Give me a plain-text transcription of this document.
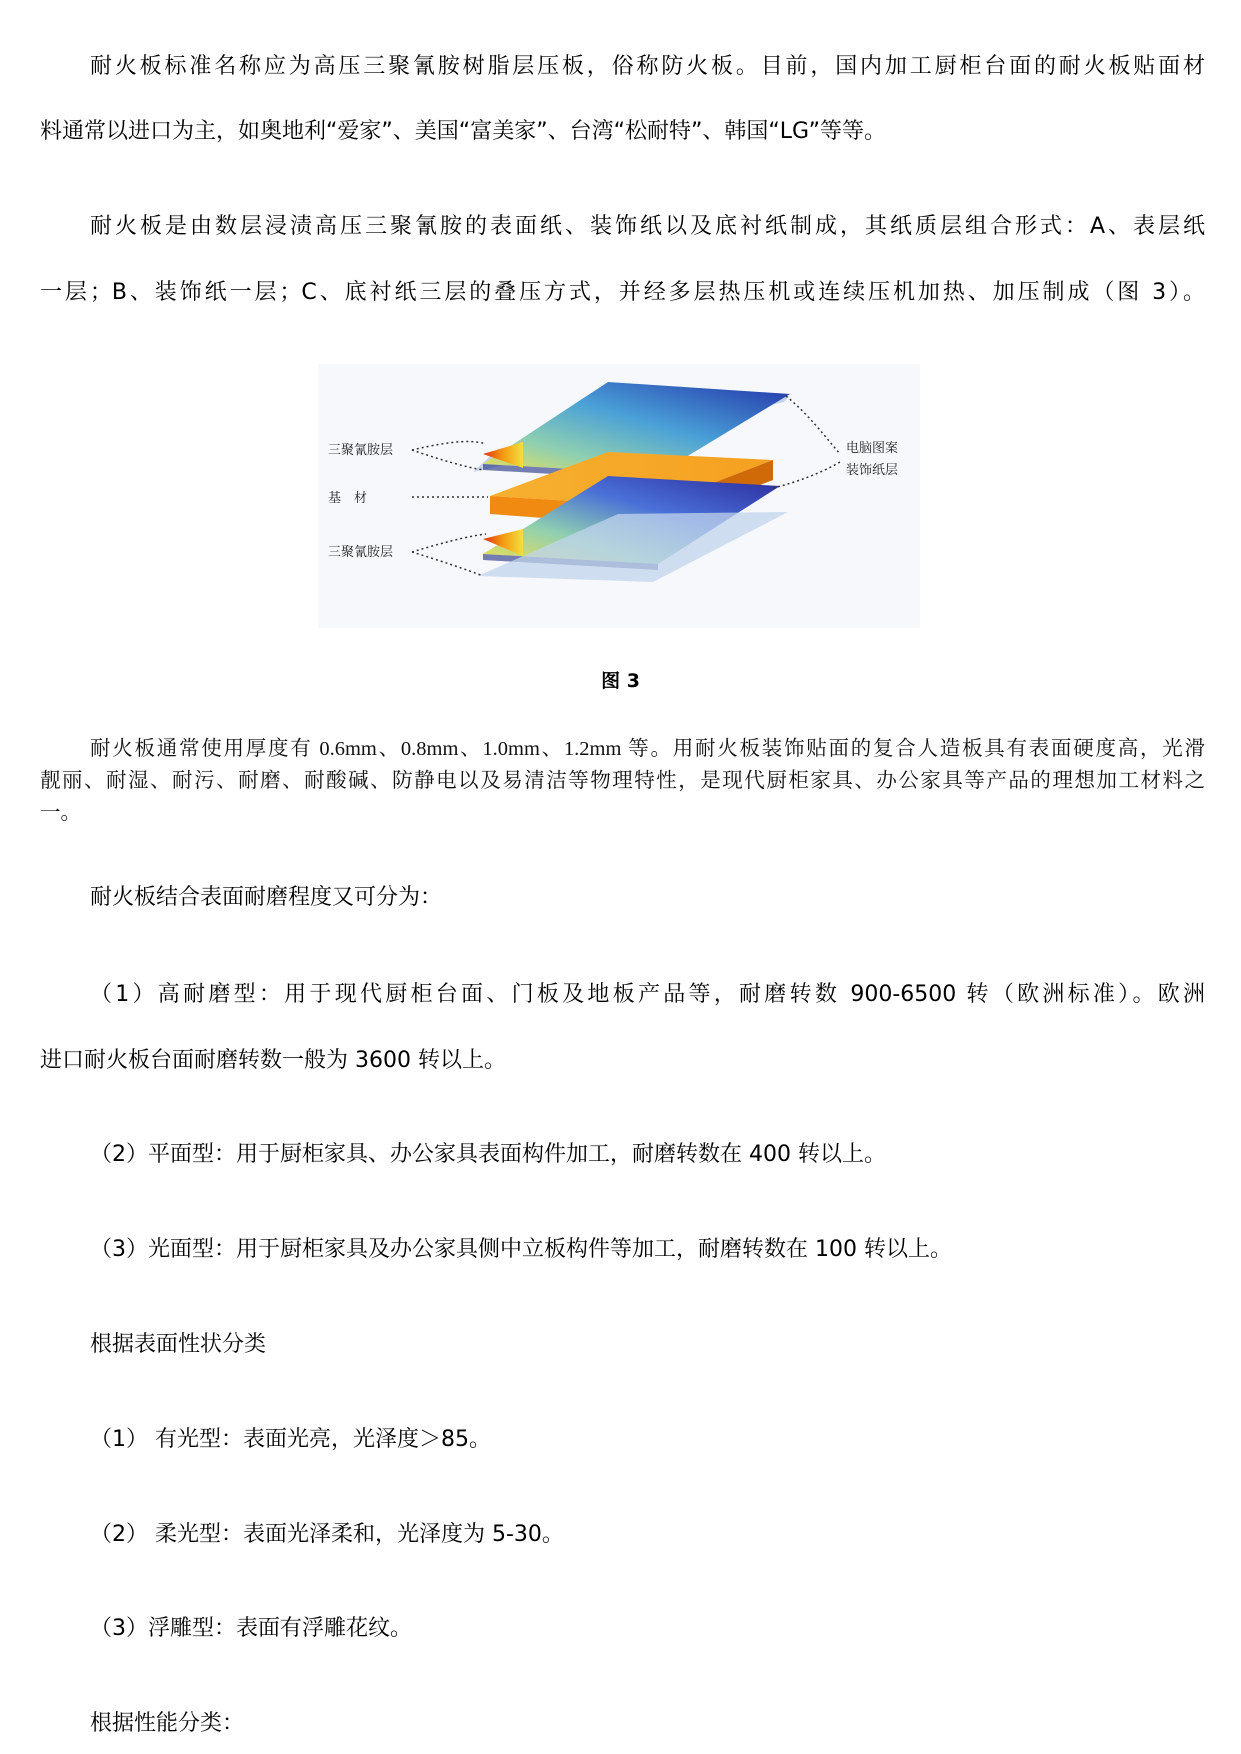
耐火板标准名称应为高压三聚氰胺树脂层压板，俗称防火板。目前，国内加工厨柜台面的耐火板贴面材
料通常以进口为主，如奥地利“爱家”、美国“富美家”、台湾“松耐特”、韩国“LG”等等。
耐火板是由数层浸渍高压三聚氰胺的表面纸、装饰纸以及底衬纸制成，其纸质层组合形式：A、表层纸
一层；B、装饰纸一层；C、底衬纸三层的叠压方式，并经多层热压机或连续压机加热、加压制成（图 3）。
三聚氰胺层
基　材
三聚氰胺层
电脑图案
装饰纸层
图 3
耐火板通常使用厚度有 0.6mm、0.8mm、1.0mm、1.2mm 等。用耐火板装饰贴面的复合人造板具有表面硬度高，光滑
靓丽、耐湿、耐污、耐磨、耐酸碱、防静电以及易清洁等物理特性，是现代厨柜家具、办公家具等产品的理想加工材料之
一。
耐火板结合表面耐磨程度又可分为：
（1）高耐磨型：用于现代厨柜台面、门板及地板产品等，耐磨转数 900-6500 转（欧洲标准）。欧洲
进口耐火板台面耐磨转数一般为 3600 转以上。
（2）平面型：用于厨柜家具、办公家具表面构件加工，耐磨转数在 400 转以上。
（3）光面型：用于厨柜家具及办公家具侧中立板构件等加工，耐磨转数在 100 转以上。
根据表面性状分类
（1） 有光型：表面光亮，光泽度＞85。
（2） 柔光型：表面光泽柔和，光泽度为 5-30。
（3）浮雕型：表面有浮雕花纹。
根据性能分类：
